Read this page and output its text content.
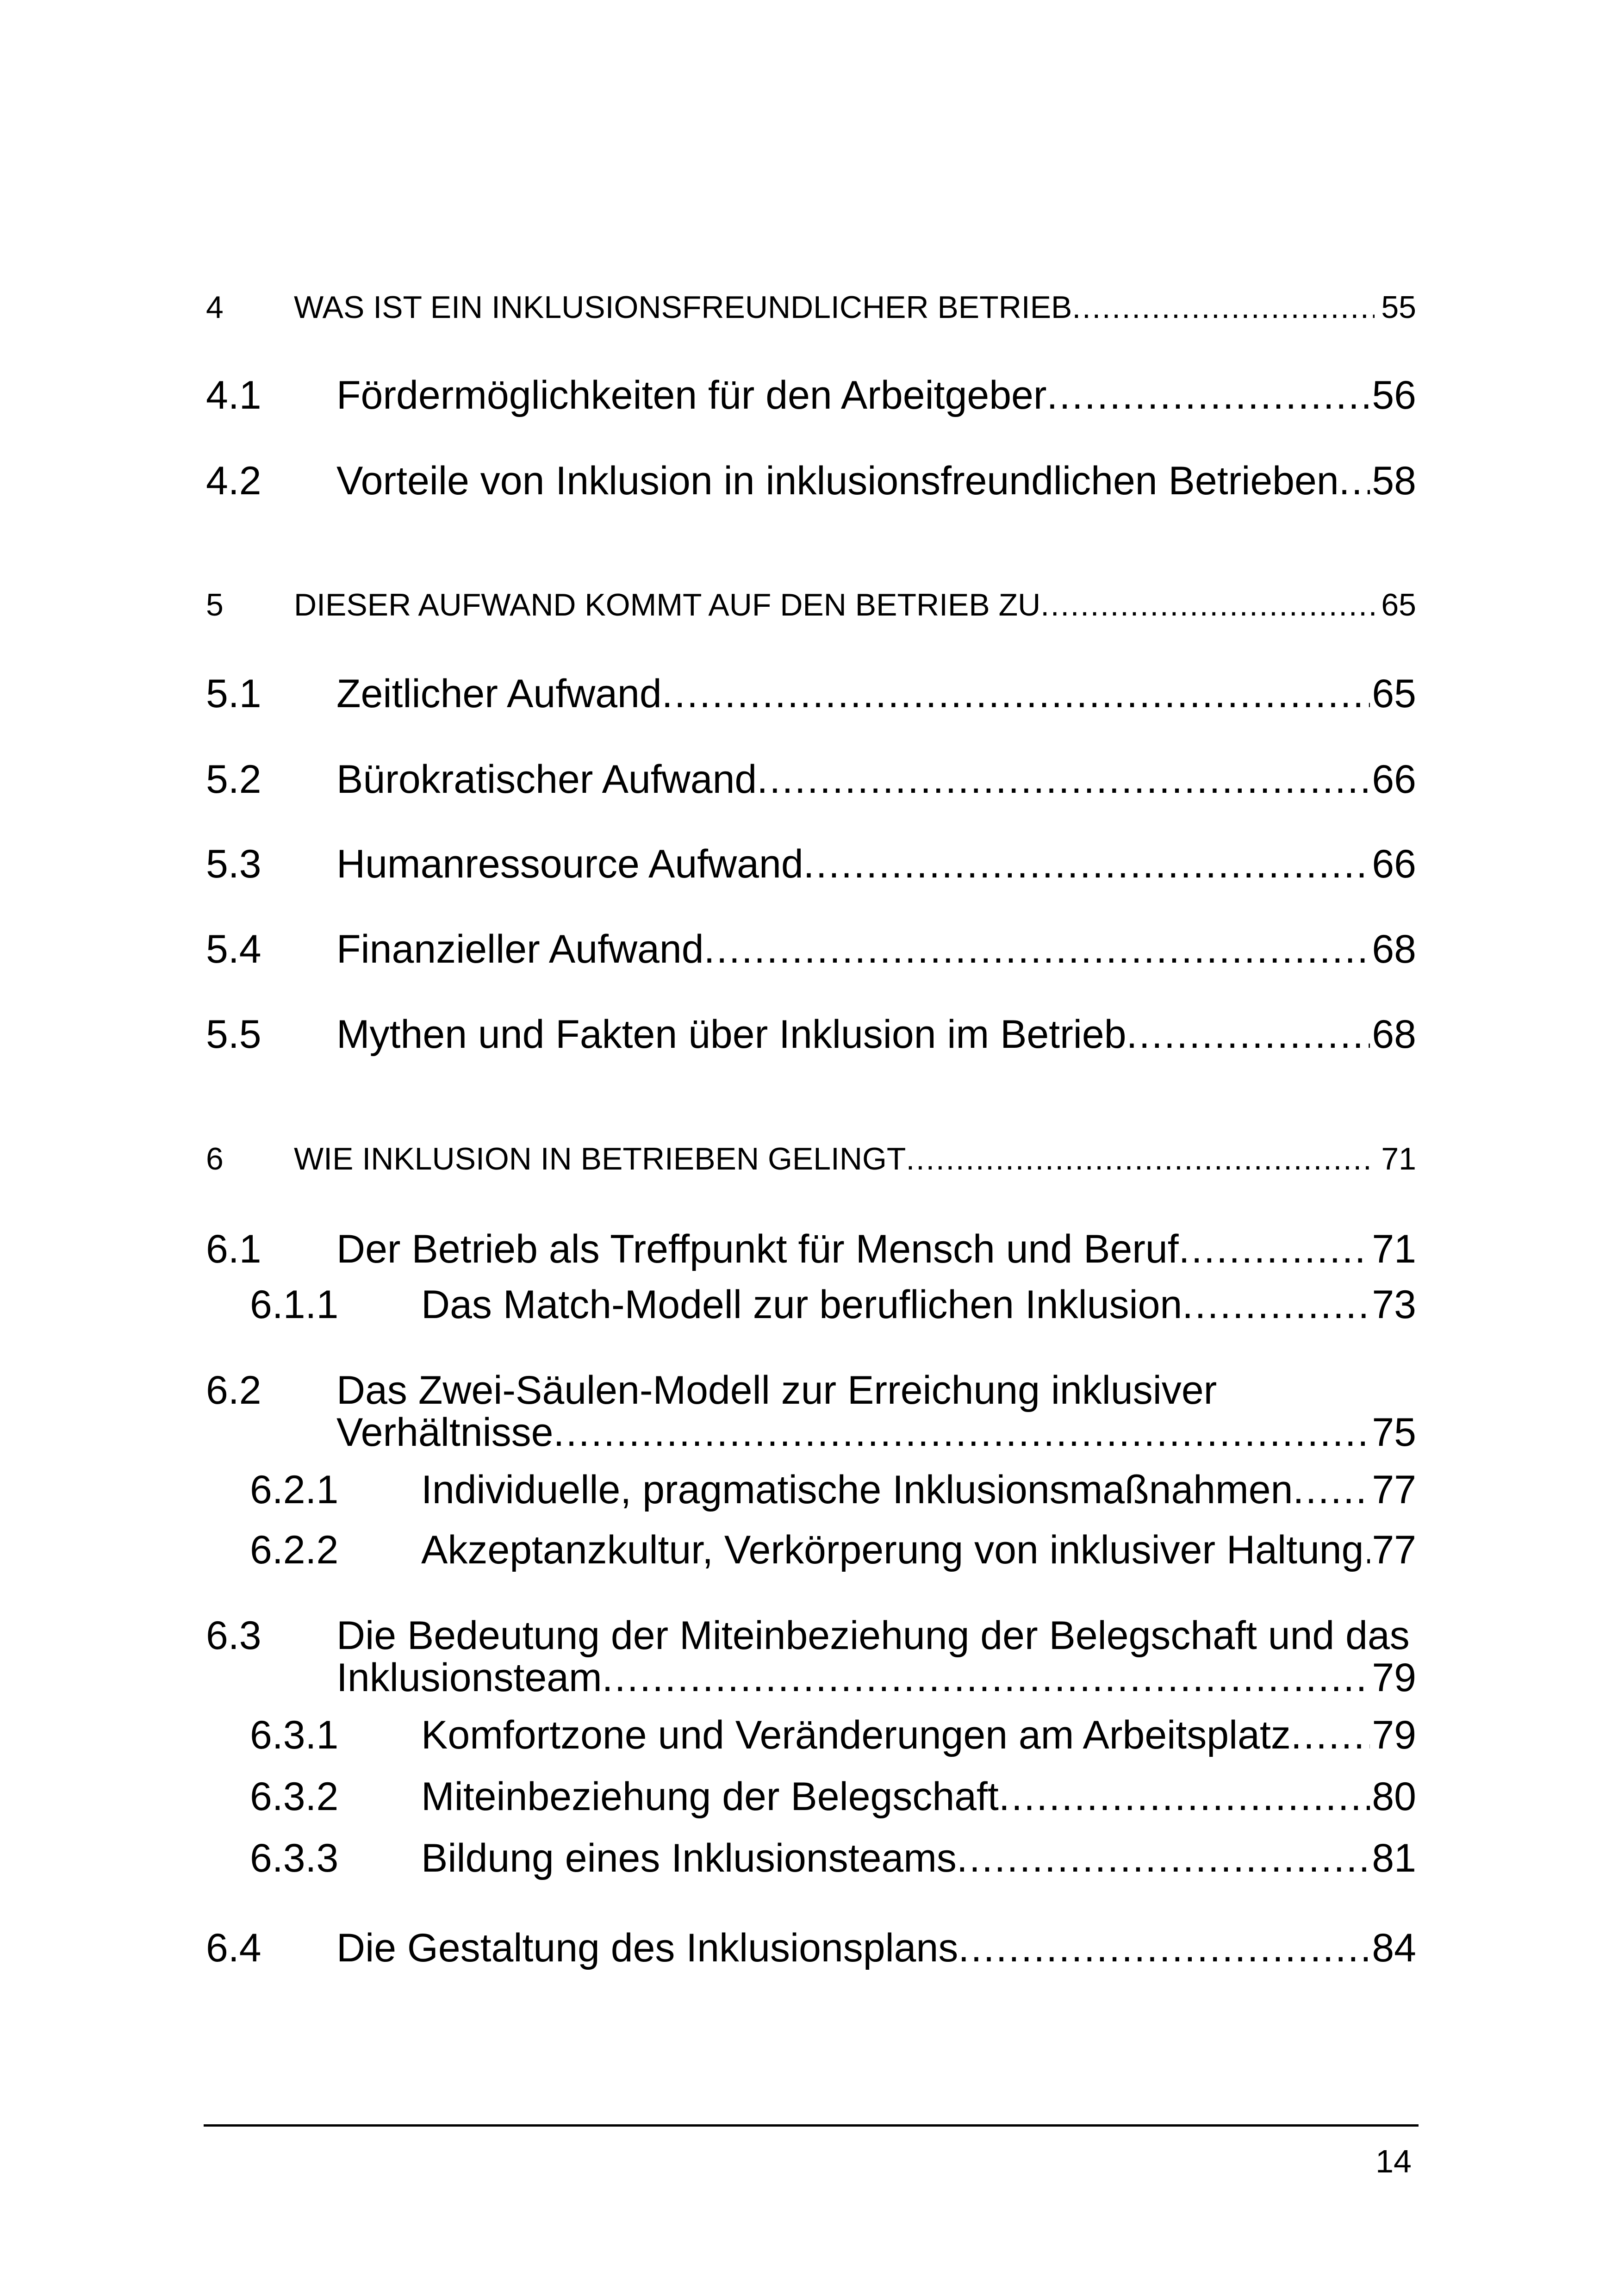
4	WAS IST EIN INKLUSIONSFREUNDLICHER BETRIEB . . .	55
4.1	Fördermöglichkeiten für den Arbeitgeber . . .	56
4.2	Vorteile von Inklusion in inklusionsfreundlichen Betrieben . . . 58
5	DIESER AUFWAND KOMMT AUF DEN BETRIEB ZU . . .	65
5.1	Zeitlicher Aufwand . . .	65
5.2	Bürokratischer Aufwand . . .	66
5.3	Humanressource Aufwand . . .	66
5.4	Finanzieller Aufwand . . .	68
5.5	Mythen und Fakten über Inklusion im Betrieb . . .	68
6	WIE INKLUSION IN BETRIEBEN GELINGT . . .	71
6.1	Der Betrieb als Treffpunkt für Mensch und Beruf . . .	71
6.1.1	Das Match-Modell zur beruflichen Inklusion . . .	73
6.2	Das Zwei-Säulen-Modell zur Erreichung inklusiver
Verhältnisse . . .	75
6.2.1	Individuelle, pragmatische Inklusionsmaßnahmen . . . 77
6.2.2	Akzeptanzkultur, Verkörperung von inklusiver Haltung . . . 77
6.3	Die Bedeutung der Miteinbeziehung der Belegschaft und das
Inklusionsteam . . .	79
6.3.1	Komfortzone und Veränderungen am Arbeitsplatz . . . 79
6.3.2	Miteinbeziehung der Belegschaft . . .	80
6.3.3	Bildung eines Inklusionsteams . . .	81
6.4	Die Gestaltung des Inklusionsplans . . .	84
14
